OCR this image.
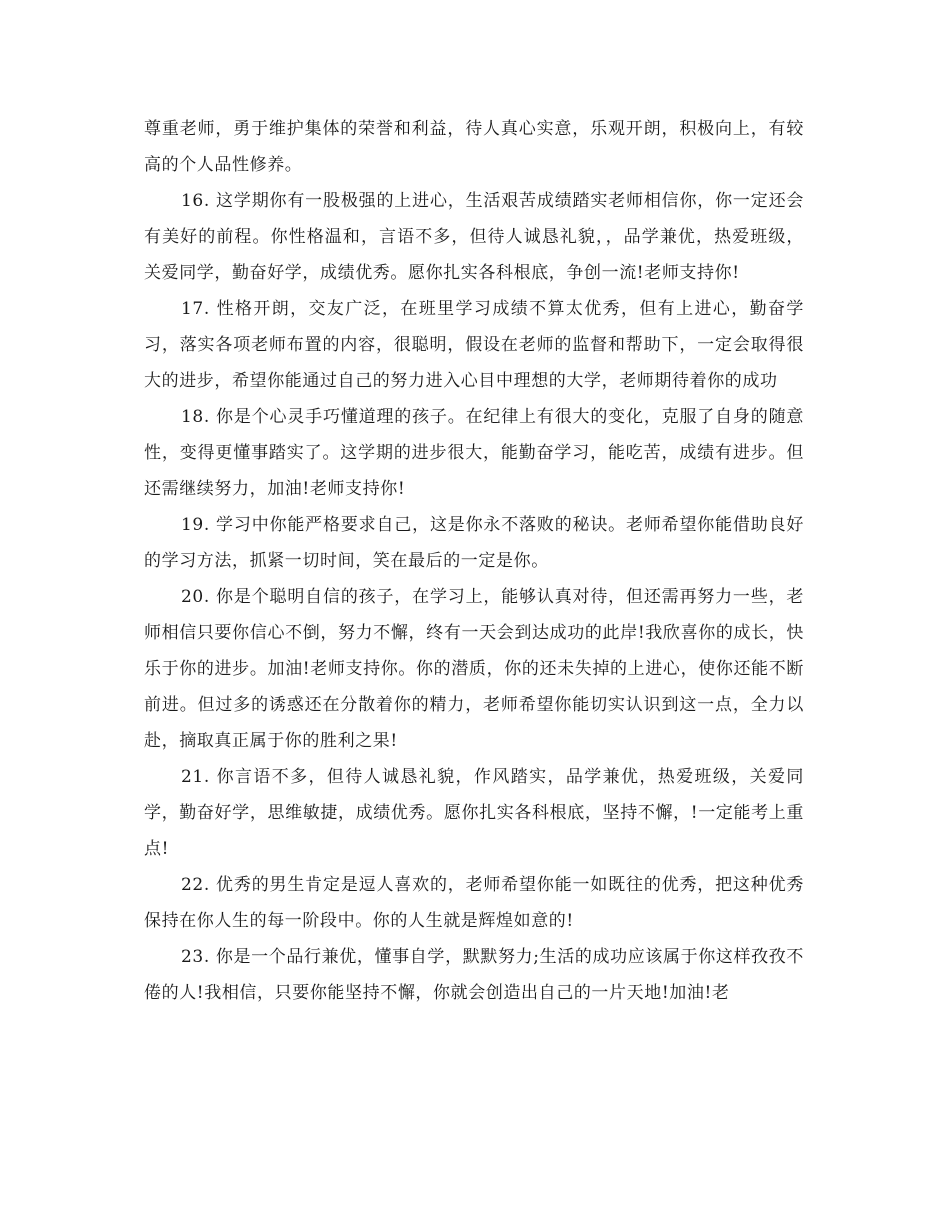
尊重老师，勇于维护集体的荣誉和利益，待人真心实意，乐观开朗，积极向上，有较高的个人品性修养。

16. 这学期你有一股极强的上进心，生活艰苦成绩踏实老师相信你，你一定还会有美好的前程。你性格温和，言语不多，但待人诚恳礼貌，，品学兼优，热爱班级，关爱同学，勤奋好学，成绩优秀。愿你扎实各科根底，争创一流!老师支持你!

17. 性格开朗，交友广泛，在班里学习成绩不算太优秀，但有上进心，勤奋学习，落实各项老师布置的内容，很聪明，假设在老师的监督和帮助下，一定会取得很大的进步，希望你能通过自己的努力进入心目中理想的大学，老师期待着你的成功

18. 你是个心灵手巧懂道理的孩子。在纪律上有很大的变化，克服了自身的随意性，变得更懂事踏实了。这学期的进步很大，能勤奋学习，能吃苦，成绩有进步。但还需继续努力，加油!老师支持你!

19. 学习中你能严格要求自己，这是你永不落败的秘诀。老师希望你能借助良好的学习方法，抓紧一切时间，笑在最后的一定是你。

20. 你是个聪明自信的孩子，在学习上，能够认真对待，但还需再努力一些，老师相信只要你信心不倒，努力不懈，终有一天会到达成功的此岸!我欣喜你的成长，快乐于你的进步。加油!老师支持你。你的潜质，你的还未失掉的上进心，使你还能不断前进。但过多的诱惑还在分散着你的精力，老师希望你能切实认识到这一点，全力以赴，摘取真正属于你的胜利之果!

21. 你言语不多，但待人诚恳礼貌，作风踏实，品学兼优，热爱班级，关爱同学，勤奋好学，思维敏捷，成绩优秀。愿你扎实各科根底，坚持不懈，!一定能考上重点!

22. 优秀的男生肯定是逗人喜欢的，老师希望你能一如既往的优秀，把这种优秀保持在你人生的每一阶段中。你的人生就是辉煌如意的!

23. 你是一个品行兼优，懂事自学，默默努力;生活的成功应该属于你这样孜孜不倦的人!我相信，只要你能坚持不懈，你就会创造出自己的一片天地!加油!老
